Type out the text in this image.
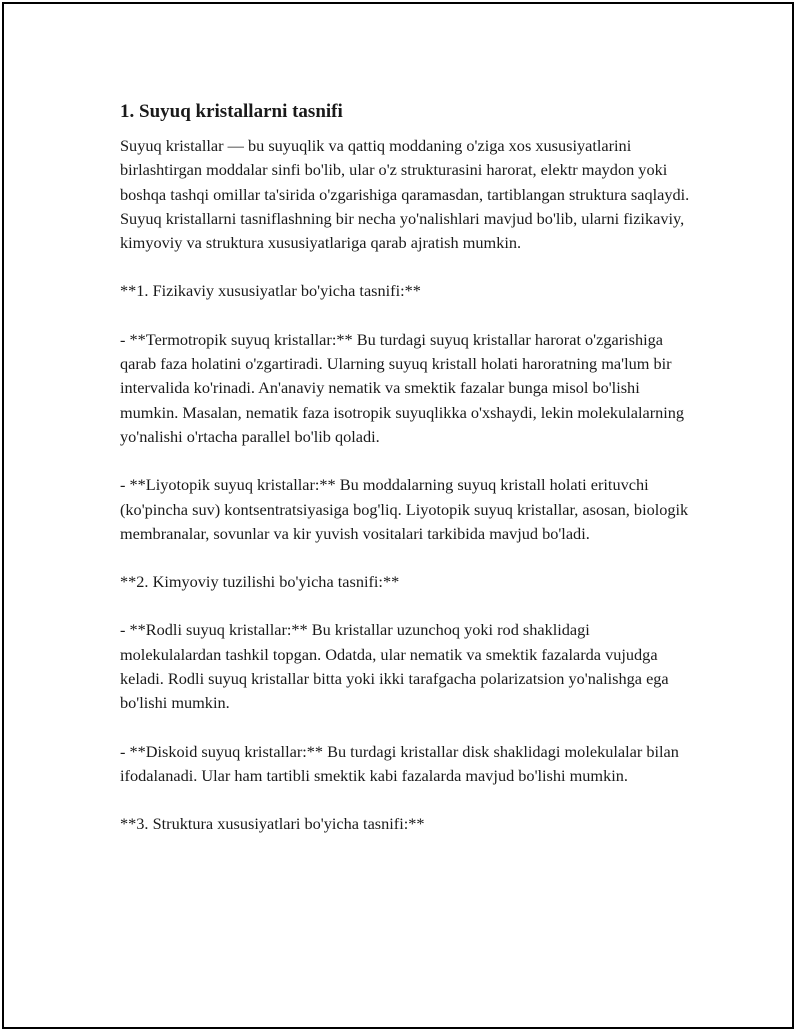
1. Suyuq kristallarni tasnifi

Suyuq kristallar — bu suyuqlik va qattiq moddaning o'ziga xos xususiyatlarini birlashtirgan moddalar sinfi bo'lib, ular o'z strukturasini harorat, elektr maydon yoki boshqa tashqi omillar ta'sirida o'zgarishiga qaramasdan, tartiblangan struktura saqlaydi. Suyuq kristallarni tasniflashning bir necha yo'nalishlari mavjud bo'lib, ularni fizikaviy, kimyoviy va struktura xususiyatlariga qarab ajratish mumkin.

**1. Fizikaviy xususiyatlar bo'yicha tasnifi:**

- **Termotropik suyuq kristallar:** Bu turdagi suyuq kristallar harorat o'zgarishiga qarab faza holatini o'zgartiradi. Ularning suyuq kristall holati haroratning ma'lum bir intervalida ko'rinadi. An'anaviy nematik va smektik fazalar bunga misol bo'lishi mumkin. Masalan, nematik faza isotropik suyuqlikka o'xshaydi, lekin molekulalarning yo'nalishi o'rtacha parallel bo'lib qoladi.

- **Liyotopik suyuq kristallar:** Bu moddalarning suyuq kristall holati erituvchi (ko'pincha suv) kontsentratsiyasiga bog'liq. Liyotopik suyuq kristallar, asosan, biologik membranalar, sovunlar va kir yuvish vositalari tarkibida mavjud bo'ladi.

**2. Kimyoviy tuzilishi bo'yicha tasnifi:**

- **Rodli suyuq kristallar:** Bu kristallar uzunchoq yoki rod shaklidagi molekulalardan tashkil topgan. Odatda, ular nematik va smektik fazalarda vujudga keladi. Rodli suyuq kristallar bitta yoki ikki tarafgacha polarizatsion yo'nalishga ega bo'lishi mumkin.

- **Diskoid suyuq kristallar:** Bu turdagi kristallar disk shaklidagi molekulalar bilan ifodalanadi. Ular ham tartibli smektik kabi fazalarda mavjud bo'lishi mumkin.

**3. Struktura xususiyatlari bo'yicha tasnifi:**
